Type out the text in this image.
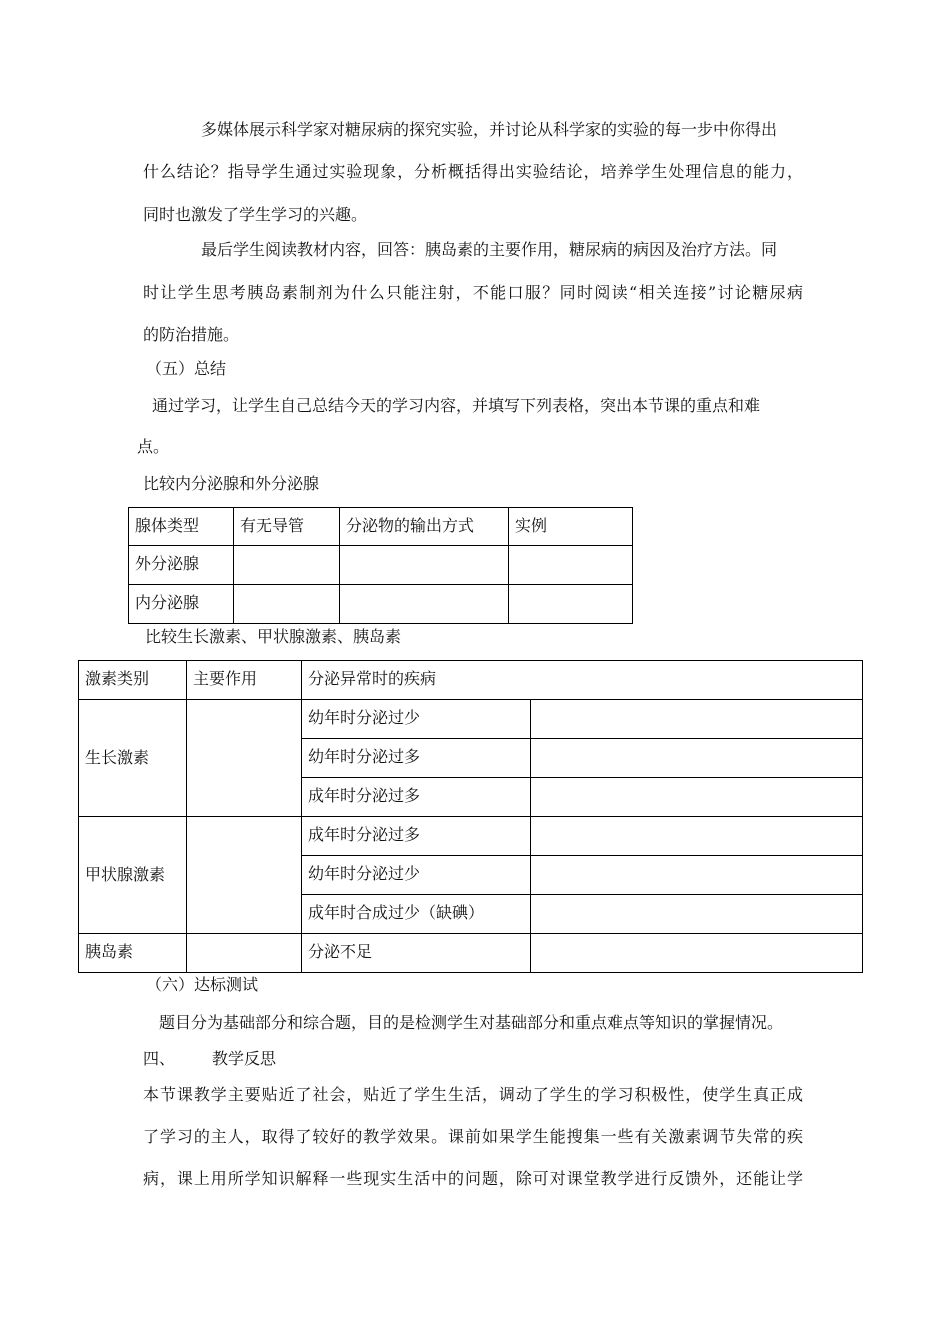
多媒体展示科学家对糖尿病的探究实验，并讨论从科学家的实验的每一步中你得出
什么结论？指导学生通过实验现象，分析概括得出实验结论，培养学生处理信息的能力，
同时也激发了学生学习的兴趣。
最后学生阅读教材内容，回答：胰岛素的主要作用，糖尿病的病因及治疗方法。同
时让学生思考胰岛素制剂为什么只能注射，不能口服？同时阅读“相关连接”讨论糖尿病
的防治措施。
（五）总结
通过学习，让学生自己总结今天的学习内容，并填写下列表格，突出本节课的重点和难
点。
比较内分泌腺和外分泌腺
腺体类型	有无导管	分泌物的输出方式	实例
外分泌腺			
内分泌腺			
比较生长激素、甲状腺激素、胰岛素
激素类别	主要作用	分泌异常时的疾病	
生长激素		幼年时分泌过少	
		幼年时分泌过多	
		成年时分泌过多	
甲状腺激素		成年时分泌过多	
		幼年时分泌过少	
		成年时合成过少（缺碘）	
胰岛素		分泌不足	
（六）达标测试
题目分为基础部分和综合题，目的是检测学生对基础部分和重点难点等知识的掌握情况。
四、 教学反思
本节课教学主要贴近了社会，贴近了学生生活，调动了学生的学习积极性，使学生真正成
了学习的主人，取得了较好的教学效果。课前如果学生能搜集一些有关激素调节失常的疾
病，课上用所学知识解释一些现实生活中的问题，除可对课堂教学进行反馈外，还能让学
